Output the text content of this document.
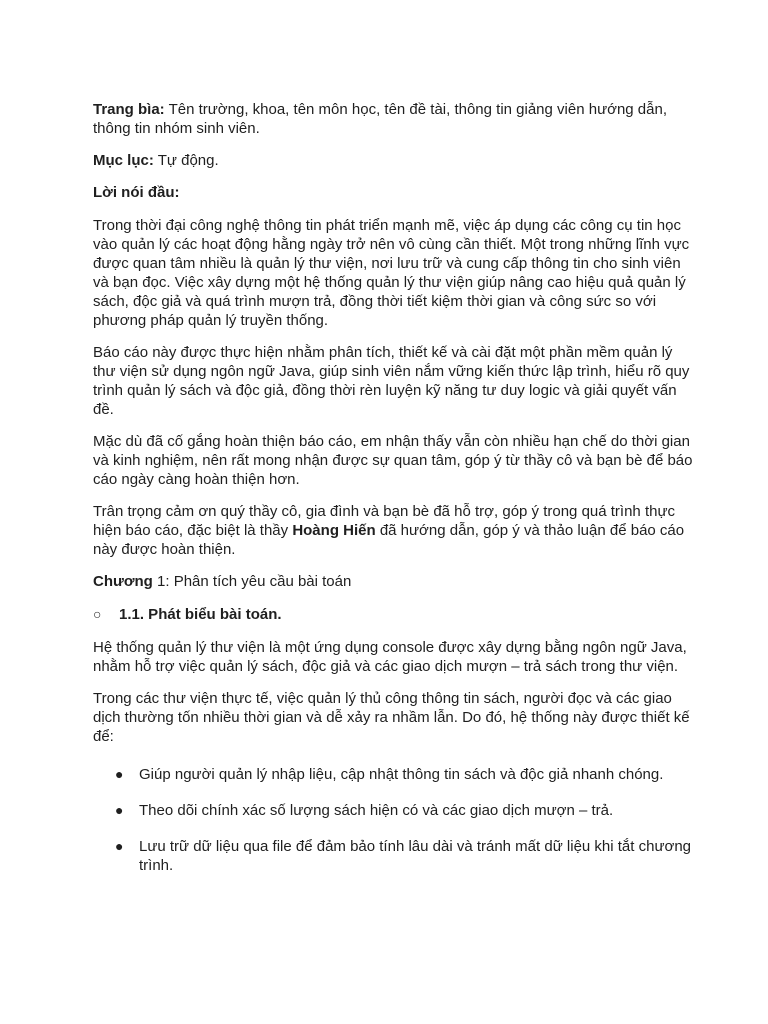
Trang bìa: Tên trường, khoa, tên môn học, tên đề tài, thông tin giảng viên hướng dẫn, thông tin nhóm sinh viên.

Mục lục: Tự động.

Lời nói đầu:

Trong thời đại công nghệ thông tin phát triển mạnh mẽ, việc áp dụng các công cụ tin học vào quản lý các hoạt động hằng ngày trở nên vô cùng cần thiết. Một trong những lĩnh vực được quan tâm nhiều là quản lý thư viện, nơi lưu trữ và cung cấp thông tin cho sinh viên và bạn đọc. Việc xây dựng một hệ thống quản lý thư viện giúp nâng cao hiệu quả quản lý sách, độc giả và quá trình mượn trả, đồng thời tiết kiệm thời gian và công sức so với phương pháp quản lý truyền thống.

Báo cáo này được thực hiện nhằm phân tích, thiết kế và cài đặt một phần mềm quản lý thư viện sử dụng ngôn ngữ Java, giúp sinh viên nắm vững kiến thức lập trình, hiểu rõ quy trình quản lý sách và độc giả, đồng thời rèn luyện kỹ năng tư duy logic và giải quyết vấn đề.

Mặc dù đã cố gắng hoàn thiện báo cáo, em nhận thấy vẫn còn nhiều hạn chế do thời gian và kinh nghiệm, nên rất mong nhận được sự quan tâm, góp ý từ thầy cô và bạn bè để báo cáo ngày càng hoàn thiện hơn.

Trân trọng cảm ơn quý thầy cô, gia đình và bạn bè đã hỗ trợ, góp ý trong quá trình thực hiện báo cáo, đặc biệt là thầy Hoàng Hiến đã hướng dẫn, góp ý và thảo luận để báo cáo này được hoàn thiện.

Chương 1: Phân tích yêu cầu bài toán

○	1.1. Phát biểu bài toán.

Hệ thống quản lý thư viện là một ứng dụng console được xây dựng bằng ngôn ngữ Java, nhằm hỗ trợ việc quản lý sách, độc giả và các giao dịch mượn – trả sách trong thư viện.

Trong các thư viện thực tế, việc quản lý thủ công thông tin sách, người đọc và các giao dịch thường tốn nhiều thời gian và dễ xảy ra nhầm lẫn. Do đó, hệ thống này được thiết kế để:

● Giúp người quản lý nhập liệu, cập nhật thông tin sách và độc giả nhanh chóng.
● Theo dõi chính xác số lượng sách hiện có và các giao dịch mượn – trả.
● Lưu trữ dữ liệu qua file để đảm bảo tính lâu dài và tránh mất dữ liệu khi tắt chương trình.
